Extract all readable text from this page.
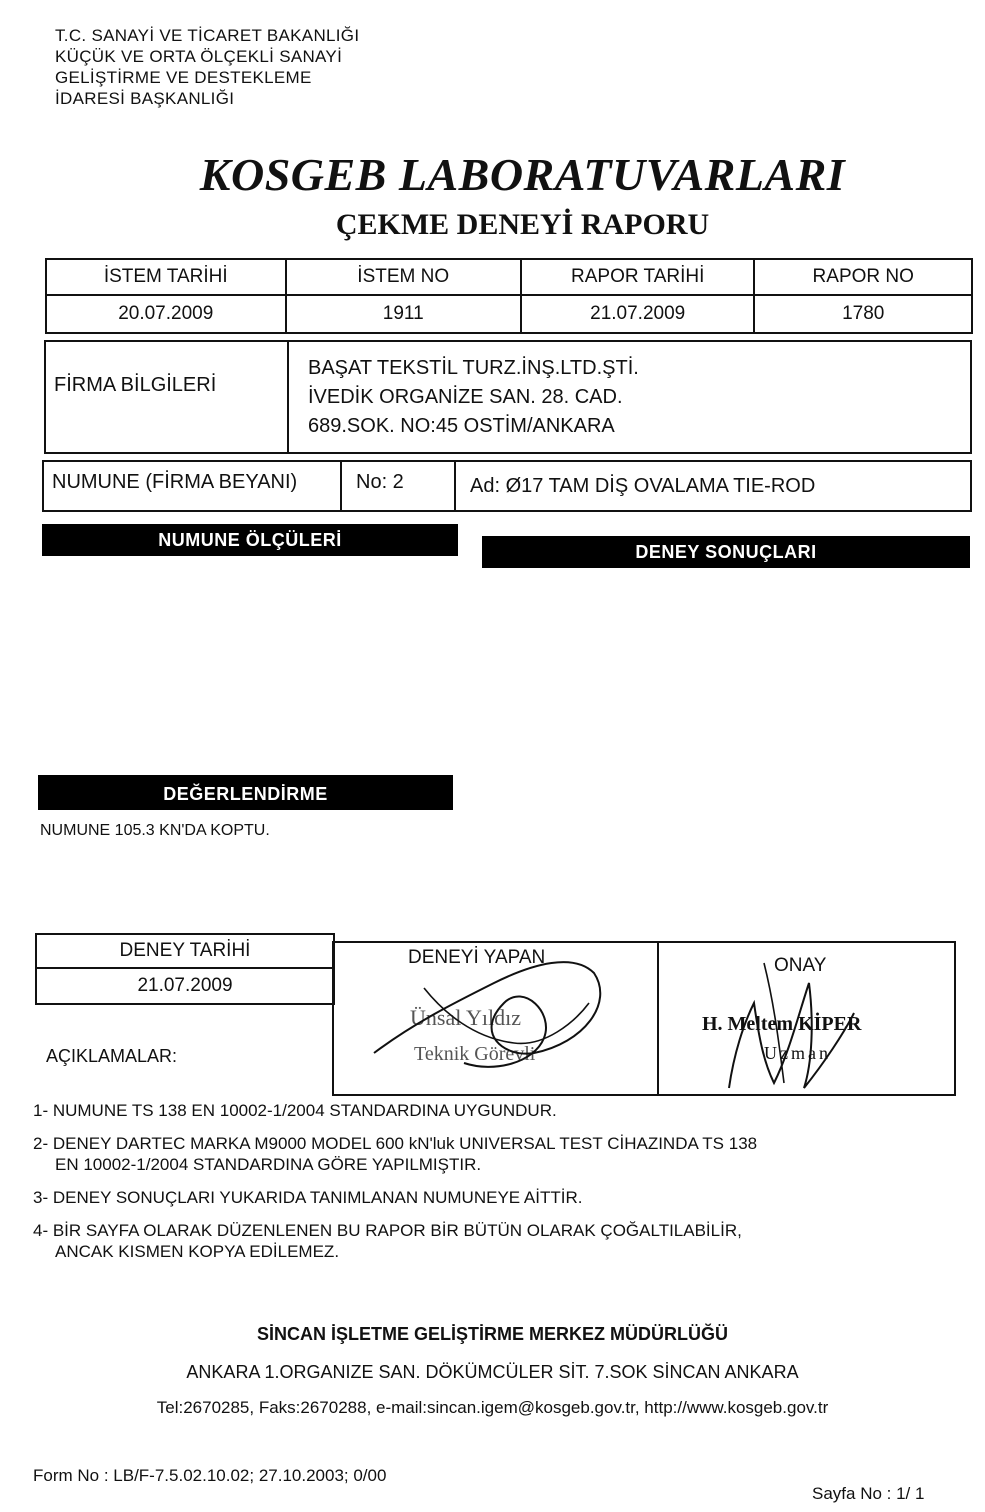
T.C. SANAYİ VE TİCARET BAKANLIĞI
KÜÇÜK VE ORTA ÖLÇEKLİ SANAYİ
GELİŞTİRME VE DESTEKLEME
İDARESİ BAŞKANLIĞI
KOSGEB LABORATUVARLARI
ÇEKME DENEYİ RAPORU
İSTEM TARİHİ	İSTEM NO	RAPOR TARİHİ	RAPOR NO
20.07.2009	1911	21.07.2009	1780
FİRMA BİLGİLERİ
BAŞAT TEKSTİL TURZ.İNŞ.LTD.ŞTİ.
İVEDİK ORGANİZE SAN. 28. CAD.
689.SOK. NO:45 OSTİM/ANKARA
NUMUNE (FİRMA BEYANI)	No: 2	Ad: Ø17 TAM DİŞ OVALAMA TIE-ROD
NUMUNE ÖLÇÜLERİ
DENEY SONUÇLARI
DEĞERLENDİRME
NUMUNE 105.3 KN'DA KOPTU.
DENEY TARİHİ
21.07.2009
AÇIKLAMALAR:
DENEYİ YAPAN
Ünsal Yıldız
Teknik Görevli
ONAY
H. Meltem KİPER
Uzman

1- NUMUNE TS 138 EN 10002-1/2004 STANDARDINA UYGUNDUR.

2- DENEY DARTEC MARKA M9000 MODEL 600 kN'luk UNIVERSAL TEST CİHAZINDA TS 138

EN 10002-1/2004 STANDARDINA GÖRE YAPILMIŞTIR.

3- DENEY SONUÇLARI YUKARIDA TANIMLANAN NUMUNEYE AİTTİR.

4- BİR SAYFA OLARAK DÜZENLENEN BU RAPOR BİR BÜTÜN OLARAK ÇOĞALTILABİLİR,

ANCAK KISMEN KOPYA EDİLEMEZ.

SİNCAN İŞLETME GELİŞTİRME MERKEZ MÜDÜRLÜĞÜ
ANKARA 1.ORGANIZE SAN. DÖKÜMCÜLER SİT. 7.SOK SİNCAN ANKARA
Tel:2670285, Faks:2670288, e-mail:sincan.igem@kosgeb.gov.tr, http://www.kosgeb.gov.tr
Form No : LB/F-7.5.02.10.02; 27.10.2003; 0/00
Sayfa No : 1/ 1
